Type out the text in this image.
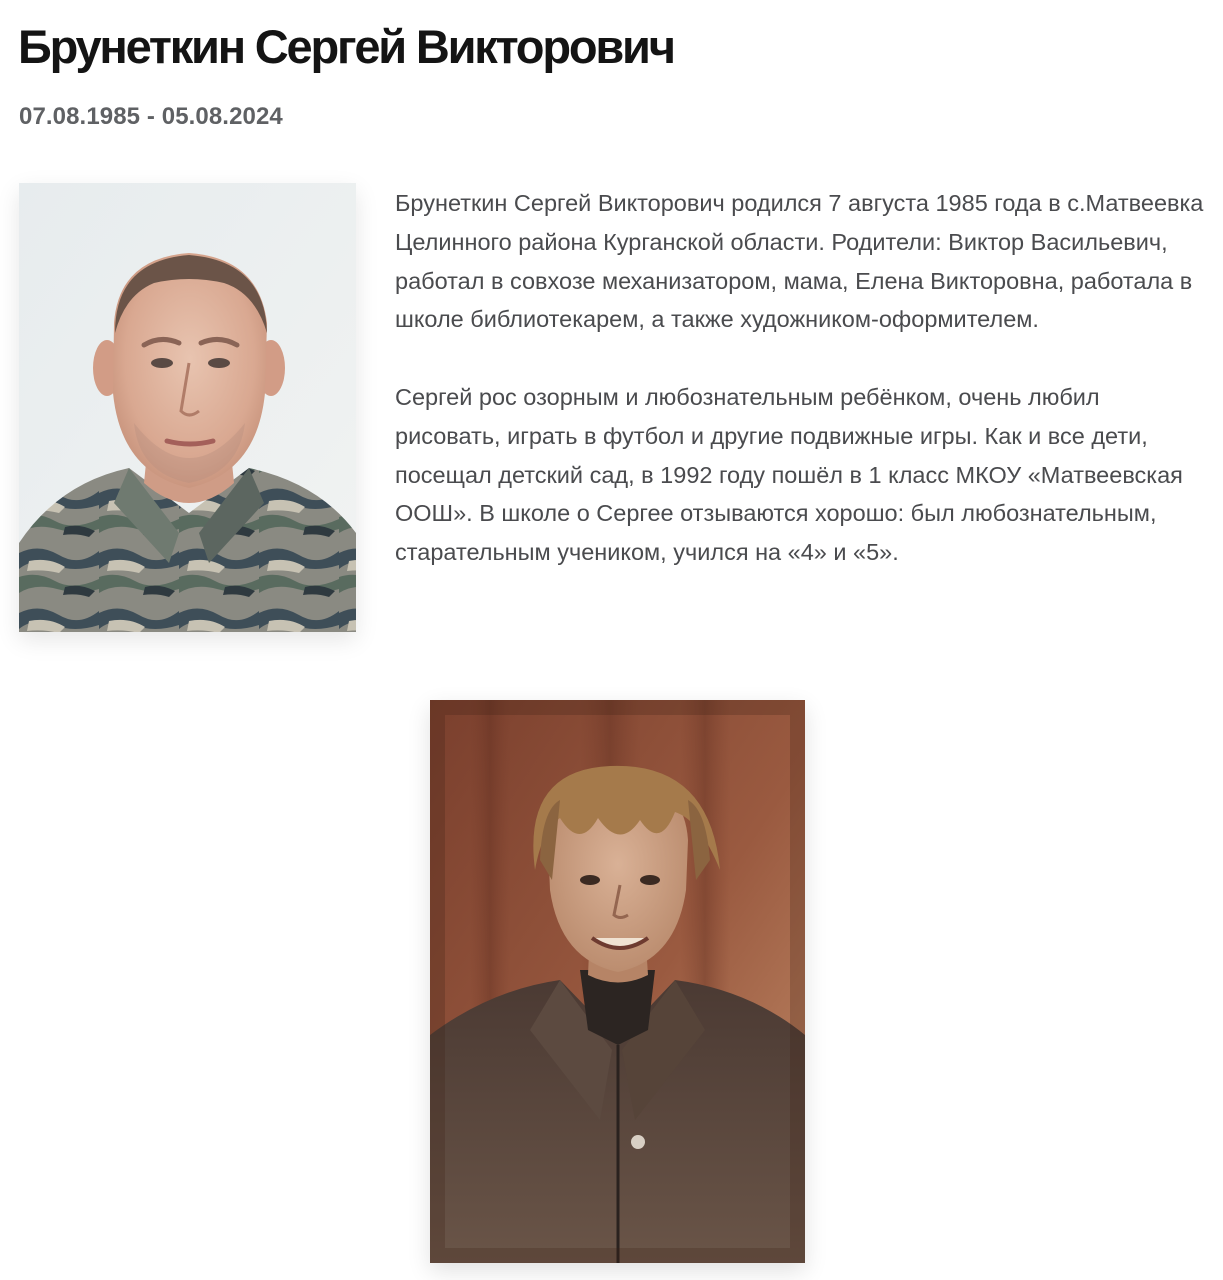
Брунеткин Сергей Викторович
07.08.1985 - 05.08.2024

Брунеткин Сергей Викторович родился 7 августа 1985 года в с.Матвеевка Целинного района Курганской области. Родители: Виктор Васильевич, работал в совхозе механизатором, мама, Елена Викторовна, работала в школе библиотекарем, а также художником-оформителем.

Сергей рос озорным и любознательным ребёнком, очень любил рисовать, играть в футбол и другие подвижные игры. Как и все дети, посещал детский сад, в 1992 году пошёл в 1 класс МКОУ «Матвеевская ООШ». В школе о Сергее отзываются хорошо: был любознательным, старательным учеником, учился на «4» и «5».
